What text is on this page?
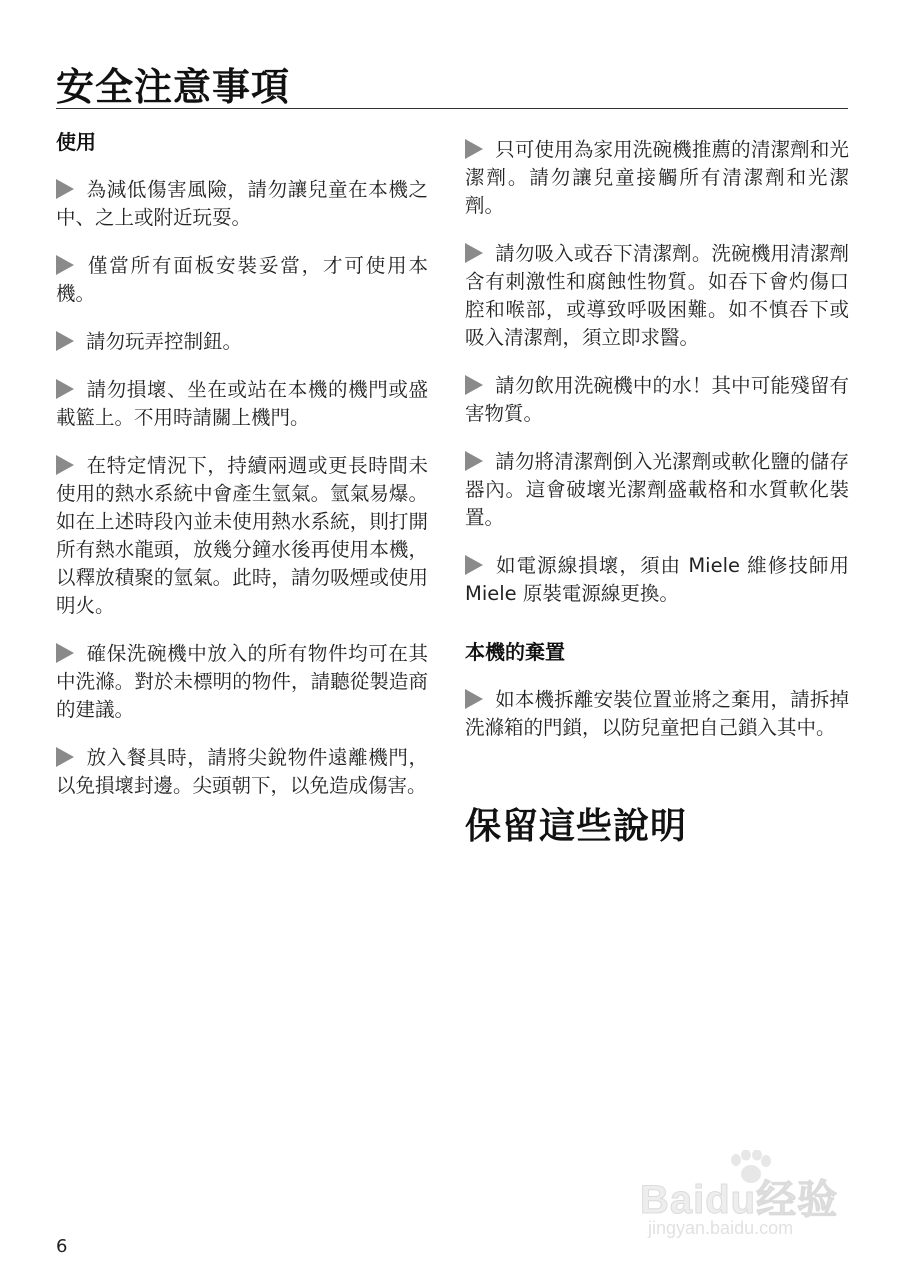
安全注意事項
使用

為減低傷害風險，請勿讓兒童在本機之中、之上或附近玩耍。

僅當所有面板安裝妥當，才可使用本機。

請勿玩弄控制鈕。

請勿損壞、坐在或站在本機的機門或盛載籃上。不用時請關上機門。

在特定情況下，持續兩週或更長時間未使用的熱水系統中會產生氫氣。氫氣易爆。如在上述時段內並未使用熱水系統，則打開所有熱水龍頭，放幾分鐘水後再使用本機，以釋放積聚的氫氣。此時，請勿吸煙或使用明火。

確保洗碗機中放入的所有物件均可在其中洗滌。對於未標明的物件，請聽從製造商的建議。

放入餐具時，請將尖銳物件遠離機門，以免損壞封邊。尖頭朝下，以免造成傷害。

只可使用為家用洗碗機推薦的清潔劑和光潔劑。請勿讓兒童接觸所有清潔劑和光潔劑。

請勿吸入或吞下清潔劑。洗碗機用清潔劑含有刺激性和腐蝕性物質。如吞下會灼傷口腔和喉部，或導致呼吸困難。如不慎吞下或吸入清潔劑，須立即求醫。

請勿飲用洗碗機中的水！其中可能殘留有害物質。

請勿將清潔劑倒入光潔劑或軟化鹽的儲存器內。這會破壞光潔劑盛載格和水質軟化裝置。

如電源線損壞，須由 Miele 維修技師用 Miele 原裝電源線更換。

本機的棄置

如本機拆離安裝位置並將之棄用，請拆掉洗滌箱的門鎖，以防兒童把自己鎖入其中。

保留這些說明
6
Baidu经验
jingyan.baidu.com
